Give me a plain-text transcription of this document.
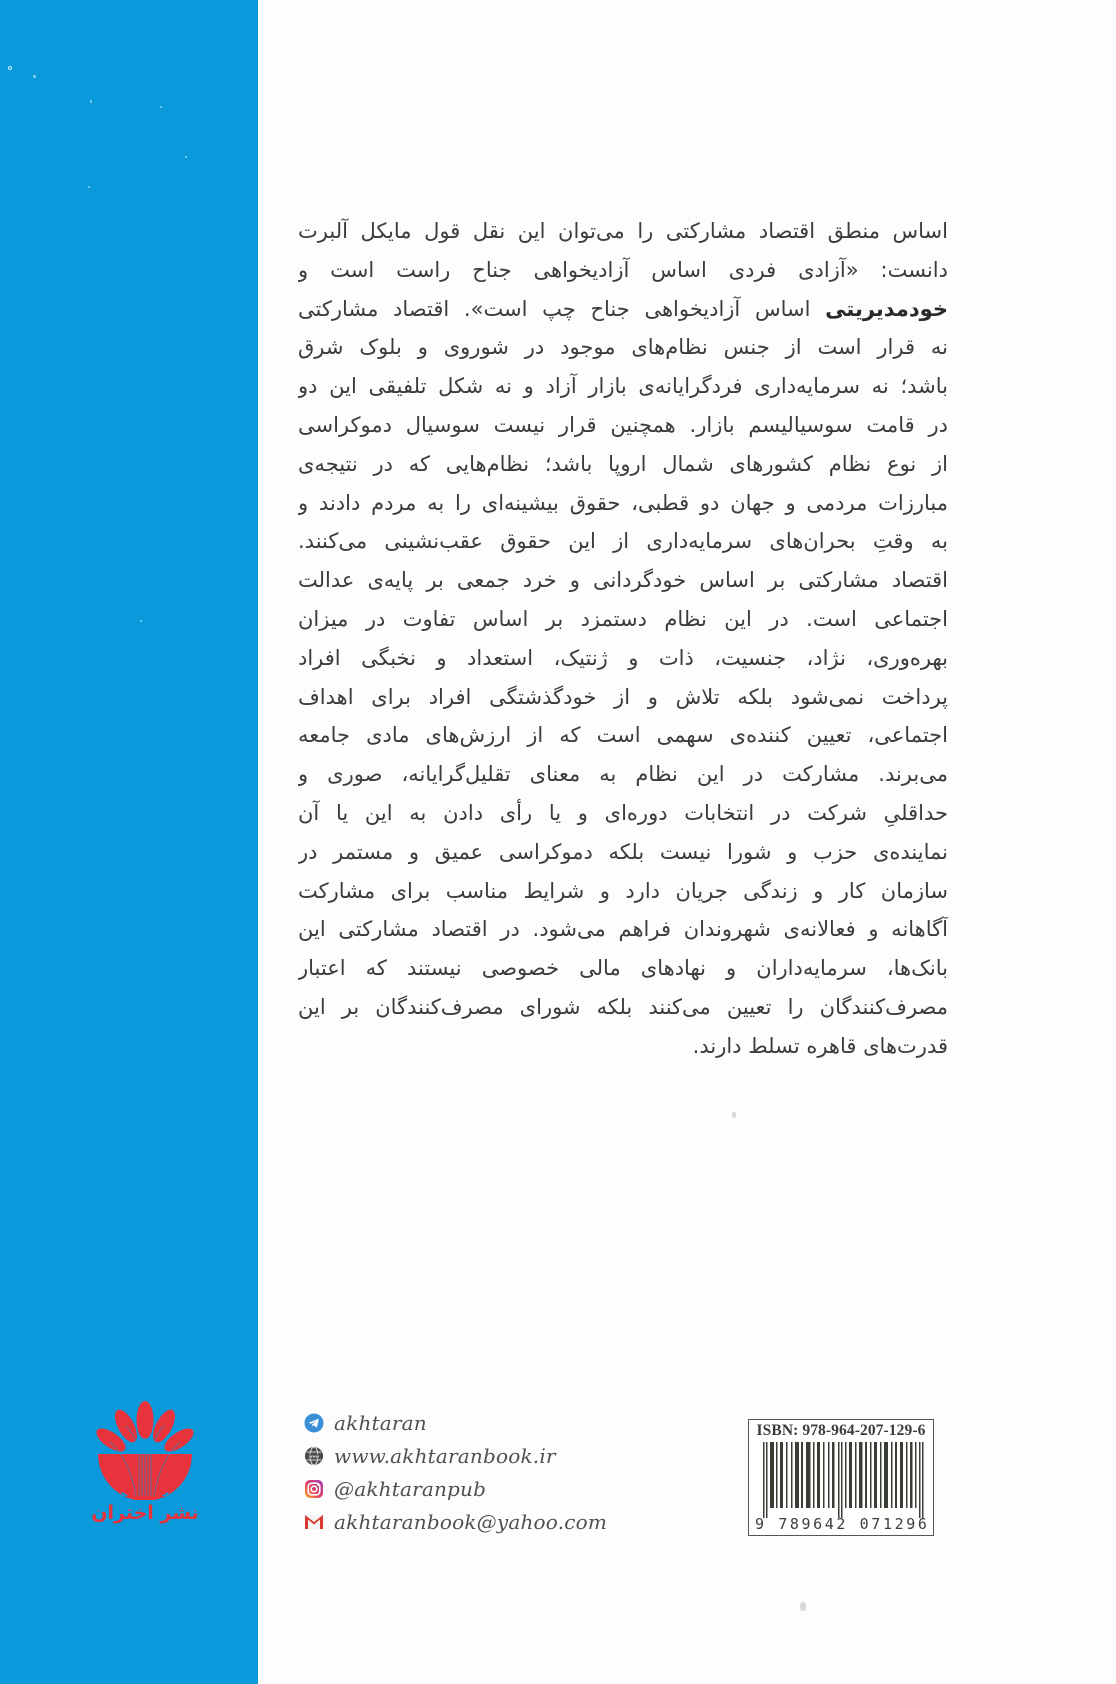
اساس منطق اقتصاد مشارکتی را می‌توان این نقل قول مایکل آلبرت
دانست: «آزادی فردی اساس آزادیخواهی جناح راست است و
خودمدیریتی اساس آزادیخواهی جناح چپ است». اقتصاد مشارکتی
نه قرار است از جنس نظام‌های موجود در شوروی و بلوک شرق
باشد؛ نه سرمایه‌داری فردگرایانه‌ی بازار آزاد و نه شکل تلفیقی این دو
در قامت سوسیالیسم بازار. همچنین قرار نیست سوسیال دموکراسی
از نوع نظام کشورهای شمال اروپا باشد؛ نظام‌هایی که در نتیجه‌ی
مبارزات مردمی و جهان دو قطبی، حقوق بیشینه‌ای را به مردم دادند و
به وقتِ بحران‌های سرمایه‌داری از این حقوق عقب‌نشینی می‌کنند.
اقتصاد مشارکتی بر اساس خودگردانی و خرد جمعی بر پایه‌ی عدالت
اجتماعی است. در این نظام دستمزد بر اساس تفاوت در میزان
بهره‌وری، نژاد، جنسیت، ذات و ژنتیک، استعداد و نخبگی افراد
پرداخت نمی‌شود بلکه تلاش و از خودگذشتگی افراد برای اهداف
اجتماعی، تعیین کننده‌ی سهمی است که از ارزش‌های مادی جامعه
می‌برند. مشارکت در این نظام به معنای تقلیل‌گرایانه، صوری و
حداقلیِ شرکت در انتخابات دوره‌ای و یا رأی دادن به این یا آن
نماینده‌ی حزب و شورا نیست بلکه دموکراسی عمیق و مستمر در
سازمان کار و زندگی جریان دارد و شرایط مناسب برای مشارکت
آگاهانه و فعالانه‌ی شهروندان فراهم می‌شود. در اقتصاد مشارکتی این
بانک‌ها، سرمایه‌داران و نهادهای مالی خصوصی نیستند که اعتبار
مصرف‌کنندگان را تعیین می‌کنند بلکه شورای مصرف‌کنندگان بر این
قدرت‌های قاهره تسلط دارند.
akhtaran
www www.akhtaranbook.ir
@akhtaranpub
akhtaranbook@yahoo.com
ISBN: 978-964-207-129-6
9 789642 071296
نشر اختران
